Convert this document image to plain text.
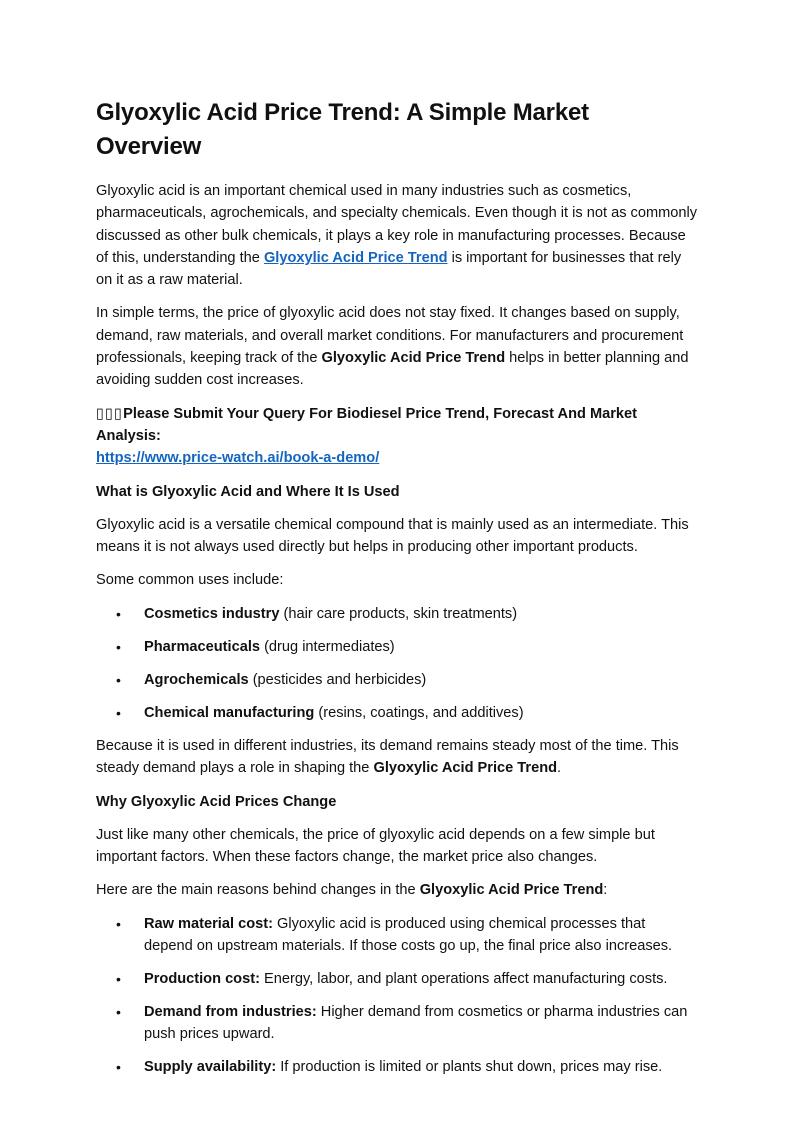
Glyoxylic Acid Price Trend: A Simple Market Overview

Glyoxylic acid is an important chemical used in many industries such as cosmetics, pharmaceuticals, agrochemicals, and specialty chemicals. Even though it is not as commonly discussed as other bulk chemicals, it plays a key role in manufacturing processes. Because of this, understanding the Glyoxylic Acid Price Trend is important for businesses that rely on it as a raw material.

In simple terms, the price of glyoxylic acid does not stay fixed. It changes based on supply, demand, raw materials, and overall market conditions. For manufacturers and procurement professionals, keeping track of the Glyoxylic Acid Price Trend helps in better planning and avoiding sudden cost increases.

▯▯▯Please Submit Your Query For Biodiesel Price Trend, Forecast And Market Analysis:
https://www.price-watch.ai/book-a-demo/

What is Glyoxylic Acid and Where It Is Used

Glyoxylic acid is a versatile chemical compound that is mainly used as an intermediate. This means it is not always used directly but helps in producing other important products.

Some common uses include:

• Cosmetics industry (hair care products, skin treatments)
• Pharmaceuticals (drug intermediates)
• Agrochemicals (pesticides and herbicides)
• Chemical manufacturing (resins, coatings, and additives)

Because it is used in different industries, its demand remains steady most of the time. This steady demand plays a role in shaping the Glyoxylic Acid Price Trend.

Why Glyoxylic Acid Prices Change

Just like many other chemicals, the price of glyoxylic acid depends on a few simple but important factors. When these factors change, the market price also changes.

Here are the main reasons behind changes in the Glyoxylic Acid Price Trend:

• Raw material cost: Glyoxylic acid is produced using chemical processes that depend on upstream materials. If those costs go up, the final price also increases.
• Production cost: Energy, labor, and plant operations affect manufacturing costs.
• Demand from industries: Higher demand from cosmetics or pharma industries can push prices upward.
• Supply availability: If production is limited or plants shut down, prices may rise.
